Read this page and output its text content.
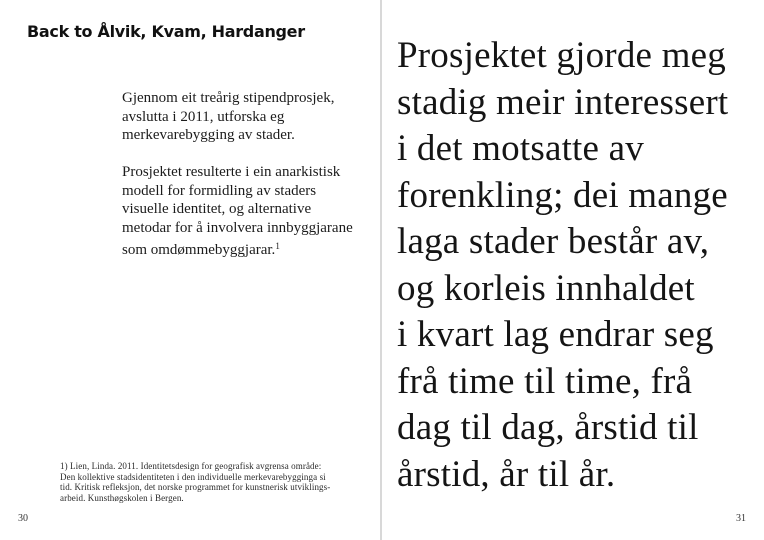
Back to Ålvik, Kvam, Hardanger
Gjennom eit treårig stipendprosjek,
avslutta i 2011, utforska eg
merkevarebygging av stader.
Prosjektet resulterte i ein anarkistisk
modell for formidling av staders
visuelle identitet, og alternative
metodar for å involvera innbyggjarane
som omdømmebyggjarar.$^1$
1) Lien, Linda. 2011. Identitetsdesign for geografisk avgrensa område:
Den kollektive stadsidentiteten i den individuelle merkevarebygginga si
tid. Kritisk refleksjon, det norske programmet for kunstnerisk utviklings-
arbeid. Kunsthøgskolen i Bergen.
30
Prosjektet gjorde meg
stadig meir interessert
i det motsatte av
forenkling; dei mange
laga stader består av,
og korleis innhaldet
i kvart lag endrar seg
frå time til time, frå
dag til dag, årstid til
årstid, år til år.
31
